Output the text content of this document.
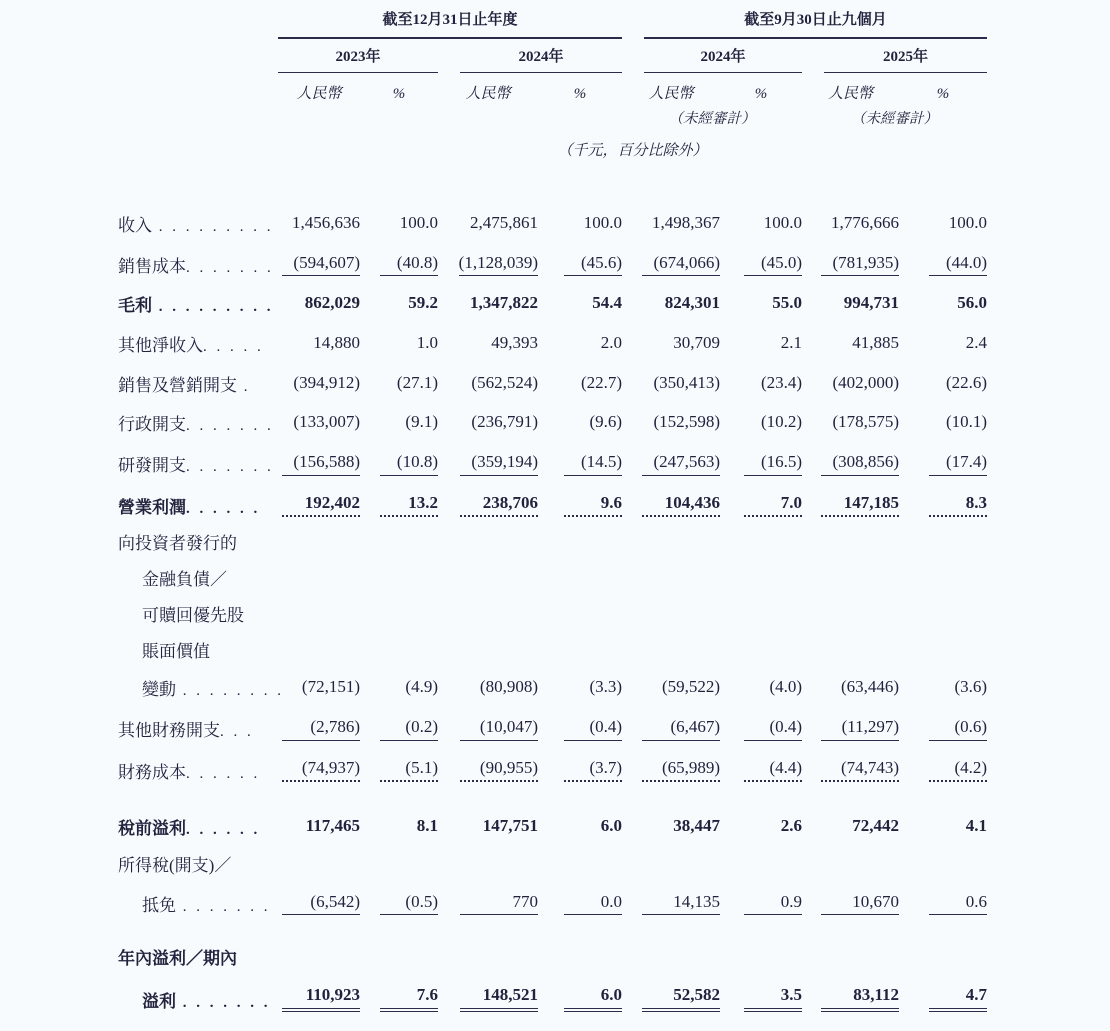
	截至12月31日止年度				截至9月30日止九個月			

	2023年		2024年		2024年		2025年	

	人民幣	%	人民幣	%	人民幣	%	人民幣	%
					（未經審計）		（未經審計）	
	（千元，百分比除外）							
收入 . . . . . . . . .	1,456,636	100.0	2,475,861	100.0	1,498,367	100.0	1,776,666	100.0
銷售成本. . . . . . .	(594,607)	(40.8)	(1,128,039)	(45.6)	(674,066)	(45.0)	(781,935)	(44.0)
毛利 . . . . . . . . .	862,029	59.2	1,347,822	54.4	824,301	55.0	994,731	56.0
其他淨收入. . . . .	14,880	1.0	49,393	2.0	30,709	2.1	41,885	2.4
銷售及營銷開支 .	(394,912)	(27.1)	(562,524)	(22.7)	(350,413)	(23.4)	(402,000)	(22.6)
行政開支. . . . . . .	(133,007)	(9.1)	(236,791)	(9.6)	(152,598)	(10.2)	(178,575)	(10.1)
研發開支. . . . . . .	(156,588)	(10.8)	(359,194)	(14.5)	(247,563)	(16.5)	(308,856)	(17.4)
營業利潤. . . . . .	192,402	13.2	238,706	9.6	104,436	7.0	147,185	8.3
向投資者發行的								
金融負債／								
可贖回優先股								
賬面價值								
變動 . . . . . . . .	(72,151)	(4.9)	(80,908)	(3.3)	(59,522)	(4.0)	(63,446)	(3.6)
其他財務開支. . .	(2,786)	(0.2)	(10,047)	(0.4)	(6,467)	(0.4)	(11,297)	(0.6)
財務成本. . . . . .	(74,937)	(5.1)	(90,955)	(3.7)	(65,989)	(4.4)	(74,743)	(4.2)
稅前溢利. . . . . .	117,465	8.1	147,751	6.0	38,447	2.6	72,442	4.1
所得稅(開支)／								
抵免 . . . . . . .	(6,542)	(0.5)	770	0.0	14,135	0.9	10,670	0.6
年內溢利／期內								
溢利 . . . . . . .	110,923	7.6	148,521	6.0	52,582	3.5	83,112	4.7
